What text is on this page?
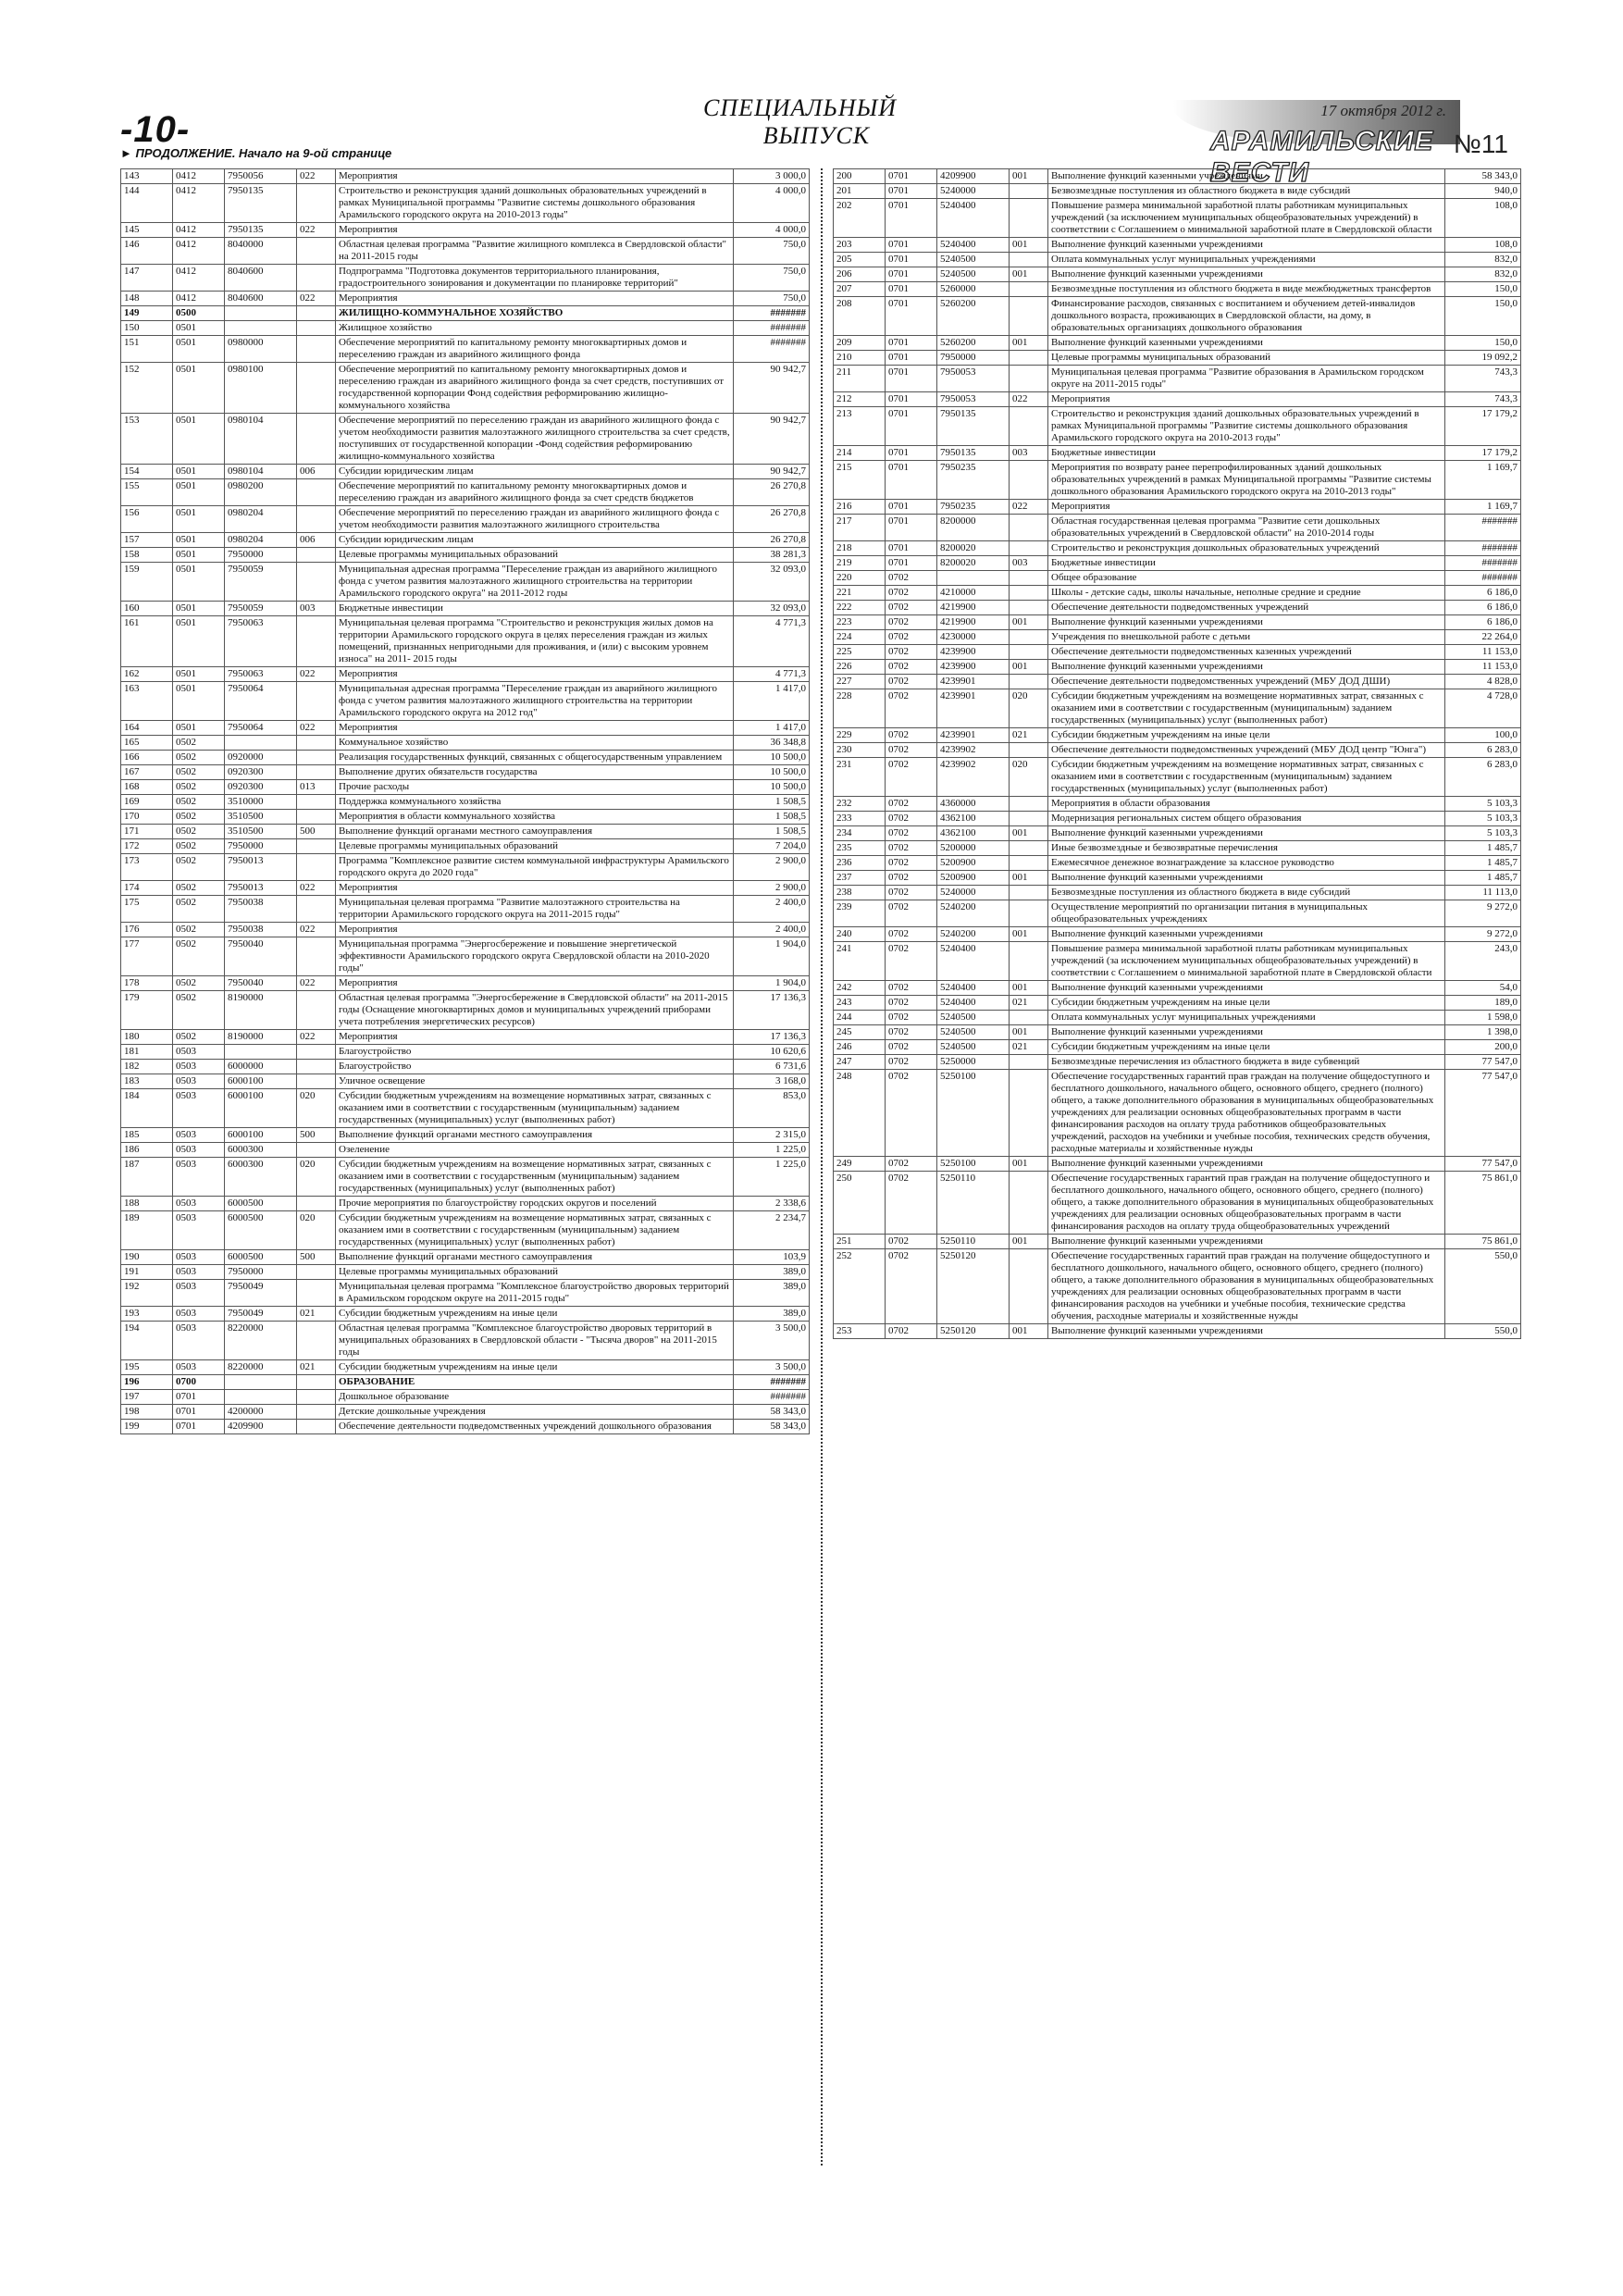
-10-
► ПРОДОЛЖЕНИЕ. Начало на 9-ой странице
СПЕЦИАЛЬНЫЙ
ВЫПУСК
17 октября 2012 г.
АРАМИЛЬСКИЕ ВЕСТИ
№11
143	0412	7950056	022	Мероприятия	3 000,0
144	0412	7950135		Строительство и реконструкция зданий дошкольных образовательных учреждений в рамках Муниципальной программы "Развитие системы дошкольного образования Арамильского городского округа на 2010-2013 годы"	4 000,0
145	0412	7950135	022	Мероприятия	4 000,0
146	0412	8040000		Областная целевая программа "Развитие жилищного комплекса в Свердловской области" на 2011-2015 годы	750,0
147	0412	8040600		Подпрограмма "Подготовка документов территориального планирования, градостроительного зонирования и документации по планировке территорий"	750,0
148	0412	8040600	022	Мероприятия	750,0
149	0500			ЖИЛИЩНО-КОММУНАЛЬНОЕ ХОЗЯЙСТВО	#######
150	0501			Жилищное хозяйство	#######
151	0501	0980000		Обеспечение мероприятий по капитальному ремонту многоквартирных домов и переселению граждан из аварийного жилищного фонда	#######
152	0501	0980100		Обеспечение мероприятий по капитальному ремонту многоквартирных домов и переселению граждан из аварийного жилищного фонда за счет средств, поступивших от государственной корпорации Фонд содействия реформированию жилищно-коммунального хозяйства	90 942,7
153	0501	0980104		Обеспечение мероприятий по переселению граждан из аварийного жилищного фонда с учетом необходимости развития малоэтажного жилищного строительства за счет средств, поступивших от государственной копорации -Фонд содействия реформированию жилищно-коммунального хозяйства	90 942,7
154	0501	0980104	006	Субсидии юридическим лицам	90 942,7
155	0501	0980200		Обеспечение мероприятий по капитальному ремонту многоквартирных домов и переселению граждан из аварийного жилищного фонда за счет средств бюджетов	26 270,8
156	0501	0980204		Обеспечение мероприятий по переселению граждан из аварийного жилищного фонда с учетом необходимости развития малоэтажного жилищного строительства	26 270,8
157	0501	0980204	006	Субсидии юридическим лицам	26 270,8
158	0501	7950000		Целевые программы муниципальных образований	38 281,3
159	0501	7950059		Муниципальная адресная программа "Переселение граждан из аварийного жилищного фонда с учетом развития малоэтажного жилищного строительства на территории Арамильского городского округа" на 2011-2012 годы	32 093,0
160	0501	7950059	003	Бюджетные инвестиции	32 093,0
161	0501	7950063		Муниципальная целевая программа "Строительство и реконструкция жилых домов на территории Арамильского городского округа в целях переселения граждан из жилых помещений, признанных непригодными для проживания, и (или) с высоким уровнем износа" на 2011- 2015 годы	4 771,3
162	0501	7950063	022	Мероприятия	4 771,3
163	0501	7950064		Муниципальная адресная программа "Переселение граждан из аварийного жилищного фонда с учетом развития малоэтажного жилищного строительства на территории Арамильского городского округа на 2012 год"	1 417,0
164	0501	7950064	022	Мероприятия	1 417,0
165	0502			Коммунальное хозяйство	36 348,8
166	0502	0920000		Реализация государственных функций, связанных с общегосударственным управлением	10 500,0
167	0502	0920300		Выполнение других обязательств государства	10 500,0
168	0502	0920300	013	Прочие расходы	10 500,0
169	0502	3510000		Поддержка коммунального хозяйства	1 508,5
170	0502	3510500		Мероприятия в области коммунального хозяйства	1 508,5
171	0502	3510500	500	Выполнение функций органами местного самоуправления	1 508,5
172	0502	7950000		Целевые программы муниципальных образований	7 204,0
173	0502	7950013		Программа "Комплексное развитие систем коммунальной инфраструктуры Арамильского городского округа до 2020 года"	2 900,0
174	0502	7950013	022	Мероприятия	2 900,0
175	0502	7950038		Муниципальная целевая программа "Развитие малоэтажного строительства на территории Арамильского городского округа на 2011-2015 годы"	2 400,0
176	0502	7950038	022	Мероприятия	2 400,0
177	0502	7950040		Муниципальная программа "Энергосбережение и повышение энергетической эффективности Арамильского городского округа Свердловской области на 2010-2020 годы"	1 904,0
178	0502	7950040	022	Мероприятия	1 904,0
179	0502	8190000		Областная целевая программа "Энергосбережение в Свердловской области" на 2011-2015 годы (Оснащение многоквартирных домов и муниципальных учреждений приборами учета потребления энергетических ресурсов)	17 136,3
180	0502	8190000	022	Мероприятия	17 136,3
181	0503			Благоустройство	10 620,6
182	0503	6000000		Благоустройство	6 731,6
183	0503	6000100		Уличное освещение	3 168,0
184	0503	6000100	020	Субсидии бюджетным учреждениям на возмещение нормативных затрат, связанных с оказанием ими в соответствии с государственным (муниципальным) заданием государственных (муниципальных) услуг (выполненных работ)	853,0
185	0503	6000100	500	Выполнение функций органами местного самоуправления	2 315,0
186	0503	6000300		Озеленение	1 225,0
187	0503	6000300	020	Субсидии бюджетным учреждениям на возмещение нормативных затрат, связанных с оказанием ими в соответствии с государственным (муниципальным) заданием государственных (муниципальных) услуг (выполненных работ)	1 225,0
188	0503	6000500		Прочие мероприятия по благоустройству городских округов и поселений	2 338,6
189	0503	6000500	020	Субсидии бюджетным учреждениям на возмещение нормативных затрат, связанных с оказанием ими в соответствии с государственным (муниципальным) заданием государственных (муниципальных) услуг (выполненных работ)	2 234,7
190	0503	6000500	500	Выполнение функций органами местного самоуправления	103,9
191	0503	7950000		Целевые программы муниципальных образований	389,0
192	0503	7950049		Муниципальная целевая программа "Комплексное благоустройство дворовых территорий в Арамильском городском округе на 2011-2015 годы"	389,0
193	0503	7950049	021	Субсидии бюджетным учреждениям на иные цели	389,0
194	0503	8220000		Областная целевая программа "Комплексное благоустройство дворовых территорий в муниципальных образованиях в Свердловской области - "Тысяча дворов" на 2011-2015 годы	3 500,0
195	0503	8220000	021	Субсидии бюджетным учреждениям на иные цели	3 500,0
196	0700			ОБРАЗОВАНИЕ	#######
197	0701			Дошкольное образование	#######
198	0701	4200000		Детские дошкольные учреждения	58 343,0
199	0701	4209900		Обеспечение деятельности подведомственных учреждений дошкольного образования	58 343,0
200	0701	4209900	001	Выполнение функций казенными учреждениями	58 343,0
201	0701	5240000		Безвозмездные поступления из областного бюджета в виде субсидий	940,0
202	0701	5240400		Повышение размера минимальной заработной платы работникам муниципальных учреждений (за исключением муниципальных общеобразовательных учреждений) в соответствии с Соглашением о минимальной заработной плате в Свердловской области	108,0
203	0701	5240400	001	Выполнение функций казенными учреждениями	108,0
205	0701	5240500		Оплата коммунальных услуг муниципальных учреждениями	832,0
206	0701	5240500	001	Выполнение функций казенными учреждениями	832,0
207	0701	5260000		Безвозмездные поступления из облстного бюджета в виде межбюджетных трансфертов	150,0
208	0701	5260200		Финансирование расходов, связанных с воспитанием и обучением детей-инвалидов дошкольного возраста, проживающих в Свердловской области, на дому, в образовательных организациях дошкольного образования	150,0
209	0701	5260200	001	Выполнение функций казенными учреждениями	150,0
210	0701	7950000		Целевые программы муниципальных образований	19 092,2
211	0701	7950053		Муниципальная целевая программа "Развитие образования в Арамильском городском округе на 2011-2015 годы"	743,3
212	0701	7950053	022	Мероприятия	743,3
213	0701	7950135		Строительство и реконструкция зданий дошкольных образовательных учреждений в рамках Муниципальной программы "Развитие системы дошкольного образования Арамильского городского округа на 2010-2013 годы"	17 179,2
214	0701	7950135	003	Бюджетные инвестиции	17 179,2
215	0701	7950235		Мероприятия по возврату ранее перепрофилированных зданий дошкольных образовательных учреждений в рамках Муниципальной программы "Развитие системы дошкольного образования Арамильского городского округа на 2010-2013 годы"	1 169,7
216	0701	7950235	022	Мероприятия	1 169,7
217	0701	8200000		Областная государственная целевая программа "Развитие сети дошкольных образовательных учреждений в Свердловской области" на 2010-2014 годы	#######
218	0701	8200020		Строительство и реконструкция дошкольных образовательных учреждений	#######
219	0701	8200020	003	Бюджетные инвестиции	#######
220	0702			Общее образование	#######
221	0702	4210000		Школы - детские сады, школы начальные, неполные средние и средние	6 186,0
222	0702	4219900		Обеспечение деятельности подведомственных учреждений	6 186,0
223	0702	4219900	001	Выполнение функций казенными учреждениями	6 186,0
224	0702	4230000		Учреждения по внешкольной работе с детьми	22 264,0
225	0702	4239900		Обеспечение деятельности подведомственных казенных учреждений	11 153,0
226	0702	4239900	001	Выполнение функций казенными учреждениями	11 153,0
227	0702	4239901		Обеспечение деятельности подведомственных учреждений (МБУ ДОД ДШИ)	4 828,0
228	0702	4239901	020	Субсидии бюджетным учреждениям на возмещение нормативных затрат, связанных с оказанием ими в соответствии с государственным (муниципальным) заданием государственных (муниципальных) услуг (выполненных работ)	4 728,0
229	0702	4239901	021	Субсидии бюджетным учреждениям на иные цели	100,0
230	0702	4239902		Обеспечение деятельности подведомственных учреждений (МБУ ДОД центр "Юнга")	6 283,0
231	0702	4239902	020	Субсидии бюджетным учреждениям на возмещение нормативных затрат, связанных с оказанием ими в соответствии с государственным (муниципальным) заданием государственных (муниципальных) услуг (выполненных работ)	6 283,0
232	0702	4360000		Мероприятия в области образования	5 103,3
233	0702	4362100		Модернизация региональных систем общего образования	5 103,3
234	0702	4362100	001	Выполнение функций казенными учреждениями	5 103,3
235	0702	5200000		Иные безвозмездные и безвозвратные перечисления	1 485,7
236	0702	5200900		Ежемесячное денежное вознаграждение за классное руководство	1 485,7
237	0702	5200900	001	Выполнение функций казенными учреждениями	1 485,7
238	0702	5240000		Безвозмездные поступления из областного бюджета в виде субсидий	11 113,0
239	0702	5240200		Осуществление мероприятий по организации питания в муниципальных общеобразовательных учреждениях	9 272,0
240	0702	5240200	001	Выполнение функций казенными учреждениями	9 272,0
241	0702	5240400		Повышение размера минимальной заработной платы работникам муниципальных учреждений (за исключением муниципальных общеобразовательных учреждений) в соответствии с Соглашением о минимальной заработной плате в Свердловской области	243,0
242	0702	5240400	001	Выполнение функций казенными учреждениями	54,0
243	0702	5240400	021	Субсидии бюджетным учреждениям на иные цели	189,0
244	0702	5240500		Оплата коммунальных услуг муниципальных учреждениями	1 598,0
245	0702	5240500	001	Выполнение функций казенными учреждениями	1 398,0
246	0702	5240500	021	Субсидии бюджетным учреждениям на иные цели	200,0
247	0702	5250000		Безвозмездные перечисления из областного бюджета в виде субвенций	77 547,0
248	0702	5250100		Обеспечение государственных гарантий прав граждан на получение общедоступного и бесплатного дошкольного, начального общего, основного общего, среднего (полного) общего, а также дополнительного образования в муниципальных общеобразовательных учреждениях для реализации основных общеобразовательных программ в части финансирования расходов на оплату труда работников общеобразовательных учреждений, расходов на учебники и учебные пособия, технических средств обучения, расходные материалы и хозяйственные нужды	77 547,0
249	0702	5250100	001	Выполнение функций казенными учреждениями	77 547,0
250	0702	5250110		Обеспечение государственных гарантий прав граждан на получение общедоступного и бесплатного дошкольного, начального общего, основного общего, среднего (полного) общего, а также дополнительного образования в муниципальных общеобразовательных учреждениях для реализации основных общеобразовательных программ в части финансирования расходов на оплату труда общеобразовательных учреждений	75 861,0
251	0702	5250110	001	Выполнение функций казенными учреждениями	75 861,0
252	0702	5250120		Обеспечение государственных гарантий прав граждан на получение общедоступного и бесплатного дошкольного, начального общего, основного общего, среднего (полного) общего, а также дополнительного образования в муниципальных общеобразовательных учреждениях для реализации основных общеобразовательных программ в части финансирования расходов на учебники и учебные пособия, технические средства обучения, расходные материалы и хозяйственные нужды	550,0
253	0702	5250120	001	Выполнение функций казенными учреждениями	550,0
